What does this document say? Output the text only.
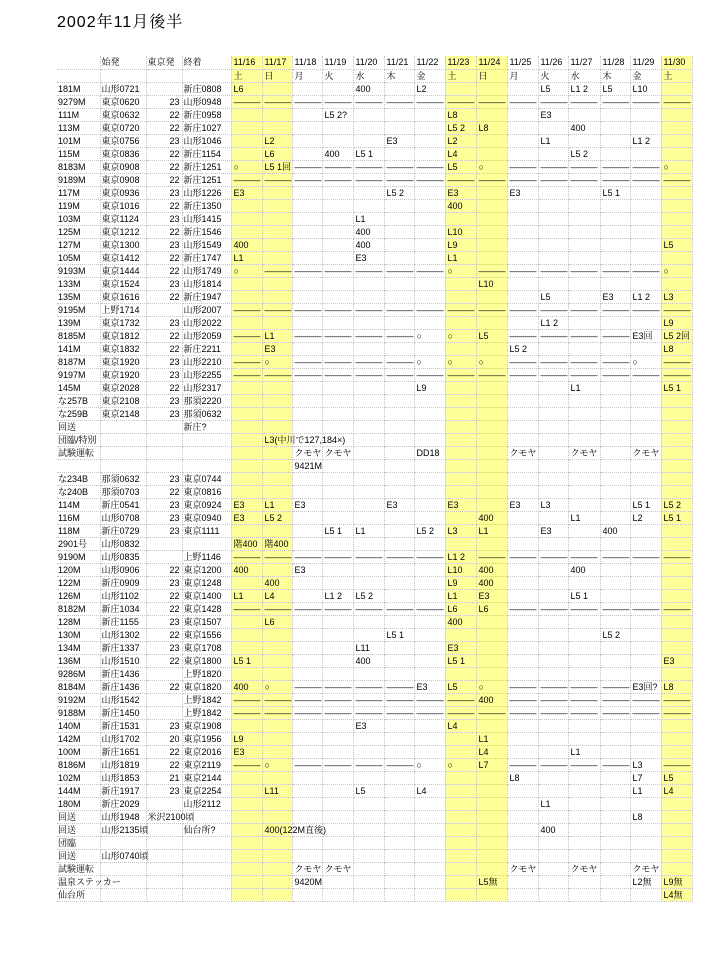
2002年11月後半
	始発	東京発	終着	11/16	11/17	11/18	11/19	11/20	11/21	11/22	11/23	11/24	11/25	11/26	11/27	11/28	11/29	11/30
				土	日	月	火	水	木	金	土	日	月	火	水	木	金	土
181M	山形0721		新庄0808	L6				400		L2				L5	L1 2	L5	L10	
9279M	東京0620	23	山形0948	―――	―――	―――	―――	―――	―――	―――	―――	―――	―――	―――	―――	―――	―――	―――
111M	東京0632	22	新庄0958				L5 2?				L8			E3				
113M	東京0720	22	新庄1027								L5 2	L8			400			
101M	東京0756	23	山形1046		L2				E3		L2			L1			L1 2	
115M	東京0836	22	新庄1154		L6		400	L5 1			L4				L5 2			
8183M	東京0908	22	新庄1251	○	L5 1回	―――	―――	―――	―――	―――	L5	○	―――	―――	―――	―――	―――	○
9189M	東京0908	22	新庄1251	―――	―――	―――	―――	―――	―――	―――	―――	―――	―――	―――	―――	―――	―――	―――
117M	東京0936	23	山形1226	E3					L5 2		E3		E3			L5 1		
119M	東京1016	22	新庄1350								400							
103M	東京1124	23	山形1415					L1										
125M	東京1212	22	新庄1546					400			L10							
127M	東京1300	23	山形1549	400				400			L9							L5
105M	東京1412	22	新庄1747	L1				E3			L1							
9193M	東京1444	22	山形1749	○	―――	―――	―――	―――	―――	―――	○	―――	―――	―――	―――	―――	―――	○
133M	東京1524	23	山形1814									L10						
135M	東京1616	22	新庄1947											L5		E3	L1 2	L3
9195M	上野1714		山形2007	―――	―――	―――	―――	―――	―――	―――	―――	―――	―――	―――	―――	―――	―――	―――
139M	東京1732	23	山形2022											L1 2				L9
8185M	東京1812	22	山形2059	―――	L1	―――	―――	―――	―――	○	○	L5	―――	―――	―――	―――	E3回	L5 2回
141M	東京1832	22	新庄2211		E3								L5 2					L8
8187M	東京1920	23	山形2210	―――	○	―――	―――	―――	―――	○	○	○	―――	―――	―――	―――	○	―――
9197M	東京1920	23	山形2255	―――	―――	―――	―――	―――	―――	―――	―――	―――	―――	―――	―――	―――	―――	―――
145M	東京2028	22	山形2317							L9					L1			L5 1
な257B	東京2108	23	那須2220															
な259B	東京2148	23	那須0632															
回送			新庄?															
団臨/特別					L3(中川で127,184×)													
試験運転						クモヤ	クモヤ			DD18			クモヤ		クモヤ		クモヤ	
						9421M												
な234B	那須0632	23	東京0744															
な240B	那須0703	22	東京0816															
114M	新庄0541	23	東京0924	E3	L1	E3			E3		E3		E3	L3			L5 1	L5 2
116M	山形0708	23	東京0940	E3	L5 2							400			L1		L2	L5 1
118M	新庄0729	23	東京1111				L5 1	L1		L5 2	L3	L1		E3		400		
2901号	山形0832			階400	階400													
9190M	山形0835		上野1146	―――	―――	―――	―――	―――	―――	―――	L1 2	―――	―――	―――	―――	―――	―――	―――
120M	山形0906	22	東京1200	400		E3					L10	400			400			
122M	新庄0909	23	東京1248		400						L9	400						
126M	山形1102	22	東京1400	L1	L4		L1 2	L5 2			L1	E3			L5 1			
8182M	新庄1034	22	東京1428	―――	―――	―――	―――	―――	―――	―――	L6	L6	―――	―――	―――	―――	―――	―――
128M	新庄1155	23	東京1507		L6						400							
130M	山形1302	22	東京1556						L5 1							L5 2		
134M	新庄1337	23	東京1708					L11			E3							
136M	山形1510	22	東京1800	L5 1				400			L5 1							E3
9286M	新庄1436		上野1820															
8184M	新庄1436	22	東京1820	400	○	―――	―――	―――	―――	E3	L5	○	―――	―――	―――	―――	E3回?	L8
9192M	山形1542		上野1842	―――	―――	―――	―――	―――	―――	―――	―――	400	―――	―――	―――	―――	―――	―――
9188M	新庄1450		上野1842	―――	―――	―――	―――	―――	―――	―――	―――	―――	―――	―――	―――	―――	―――	―――
140M	新庄1531	23	東京1908					E3			L4							
142M	山形1702	20	東京1956	L9								L1						
100M	新庄1651	22	東京2016	E3								L4			L1			
8186M	山形1819	22	東京2119	―――	○	―――	―――	―――	―――	○	○	L7	―――	―――	―――	―――	L3	―――
102M	山形1853	21	東京2144										L8				L7	L5
144M	新庄1917	23	東京2254		L11			L5		L4							L1	L4
180M	新庄2029		山形2112											L1				
回送	山形1948	米沢2100頃															L8	
回送	山形2135頃		仙台所?		400(122M直後)									400				
団臨																		
回送	山形0740頃																	
試験運転						クモヤ	クモヤ						クモヤ		クモヤ		クモヤ	
温泉ステッカー						9420M						L5無					L2無	L9無
仙台所																		L4無
